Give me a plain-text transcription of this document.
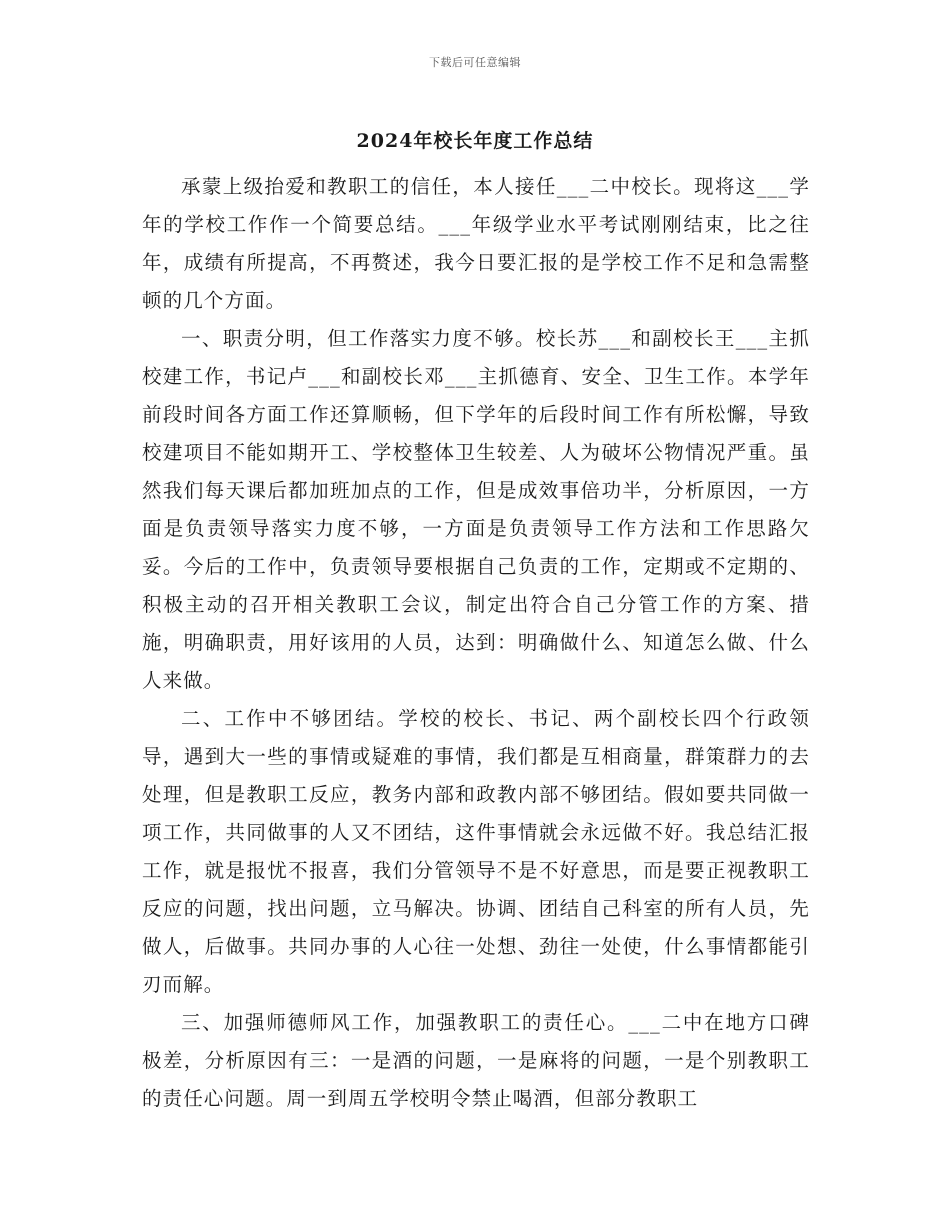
下载后可任意编辑
2024年校长年度工作总结

承蒙上级抬爱和教职工的信任，本人接任___二中校长。现将这___学年的学校工作作一个简要总结。___年级学业水平考试刚刚结束，比之往年，成绩有所提高，不再赘述，我今日要汇报的是学校工作不足和急需整顿的几个方面。

一、职责分明，但工作落实力度不够。校长苏___和副校长王___主抓校建工作，书记卢___和副校长邓___主抓德育、安全、卫生工作。本学年前段时间各方面工作还算顺畅，但下学年的后段时间工作有所松懈，导致校建项目不能如期开工、学校整体卫生较差、人为破坏公物情况严重。虽然我们每天课后都加班加点的工作，但是成效事倍功半，分析原因，一方面是负责领导落实力度不够，一方面是负责领导工作方法和工作思路欠妥。今后的工作中，负责领导要根据自己负责的工作，定期或不定期的、积极主动的召开相关教职工会议，制定出符合自己分管工作的方案、措施，明确职责，用好该用的人员，达到：明确做什么、知道怎么做、什么人来做。

二、工作中不够团结。学校的校长、书记、两个副校长四个行政领导，遇到大一些的事情或疑难的事情，我们都是互相商量，群策群力的去处理，但是教职工反应，教务内部和政教内部不够团结。假如要共同做一项工作，共同做事的人又不团结，这件事情就会永远做不好。我总结汇报工作，就是报忧不报喜，我们分管领导不是不好意思，而是要正视教职工反应的问题，找出问题，立马解决。协调、团结自己科室的所有人员，先做人，后做事。共同办事的人心往一处想、劲往一处使，什么事情都能引刃而解。

三、加强师德师风工作，加强教职工的责任心。___二中在地方口碑极差，分析原因有三：一是酒的问题，一是麻将的问题，一是个别教职工的责任心问题。周一到周五学校明令禁止喝酒，但部分教职工
